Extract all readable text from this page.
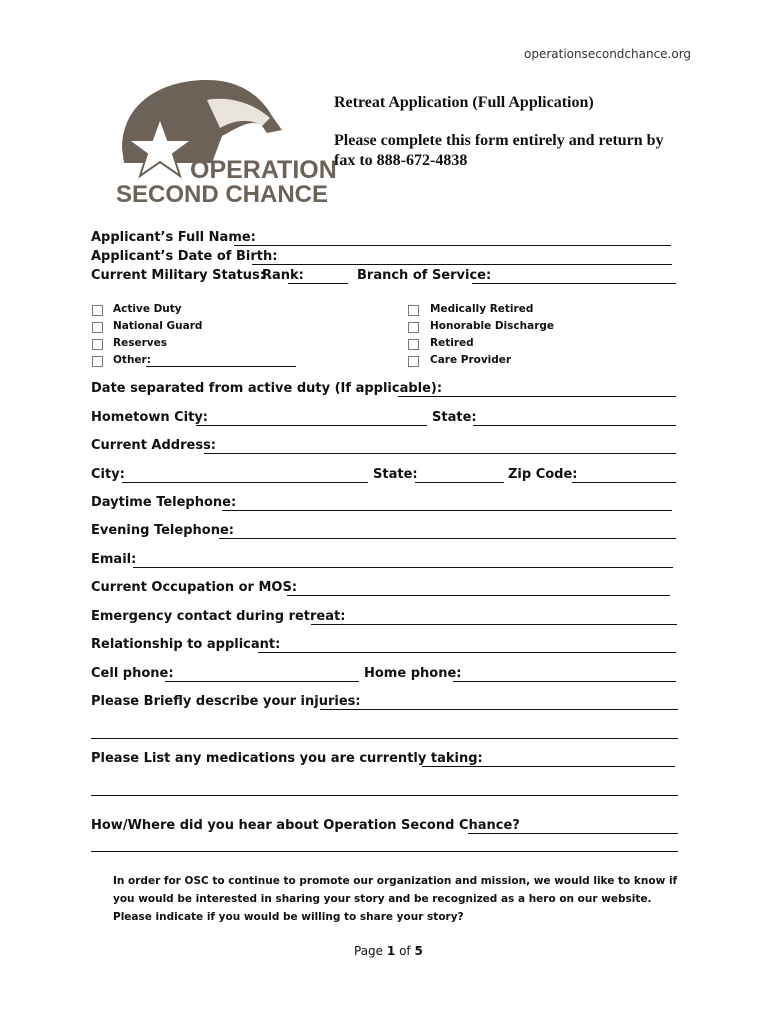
operationsecondchance.org
OPERATION
SECOND CHANCE
Retreat Application (Full Application)
Please complete this form entirely and return by fax to 888-672-4838
Applicant’s Full Name:
Applicant’s Date of Birth:
Current Military Status:
Rank:	Branch of Service:
Active Duty
National Guard
Reserves
Other:
Medically Retired
Honorable Discharge
Retired
Care Provider
Date separated from active duty (If applicable):
Hometown City:	State:
Current Address:
City:	State:	Zip Code:
Daytime Telephone:
Evening Telephone:
Email:
Current Occupation or MOS:
Emergency contact during retreat:
Relationship to applicant:
Cell phone:	Home phone:
Please Briefly describe your injuries:
Please List any medications you are currently taking:
How/Where did you hear about Operation Second Chance?
In order for OSC to continue to promote our organization and mission, we would like to know if you would be interested in sharing your story and be recognized as a hero on our website. Please indicate if you would be willing to share your story?
Page 1 of 5
